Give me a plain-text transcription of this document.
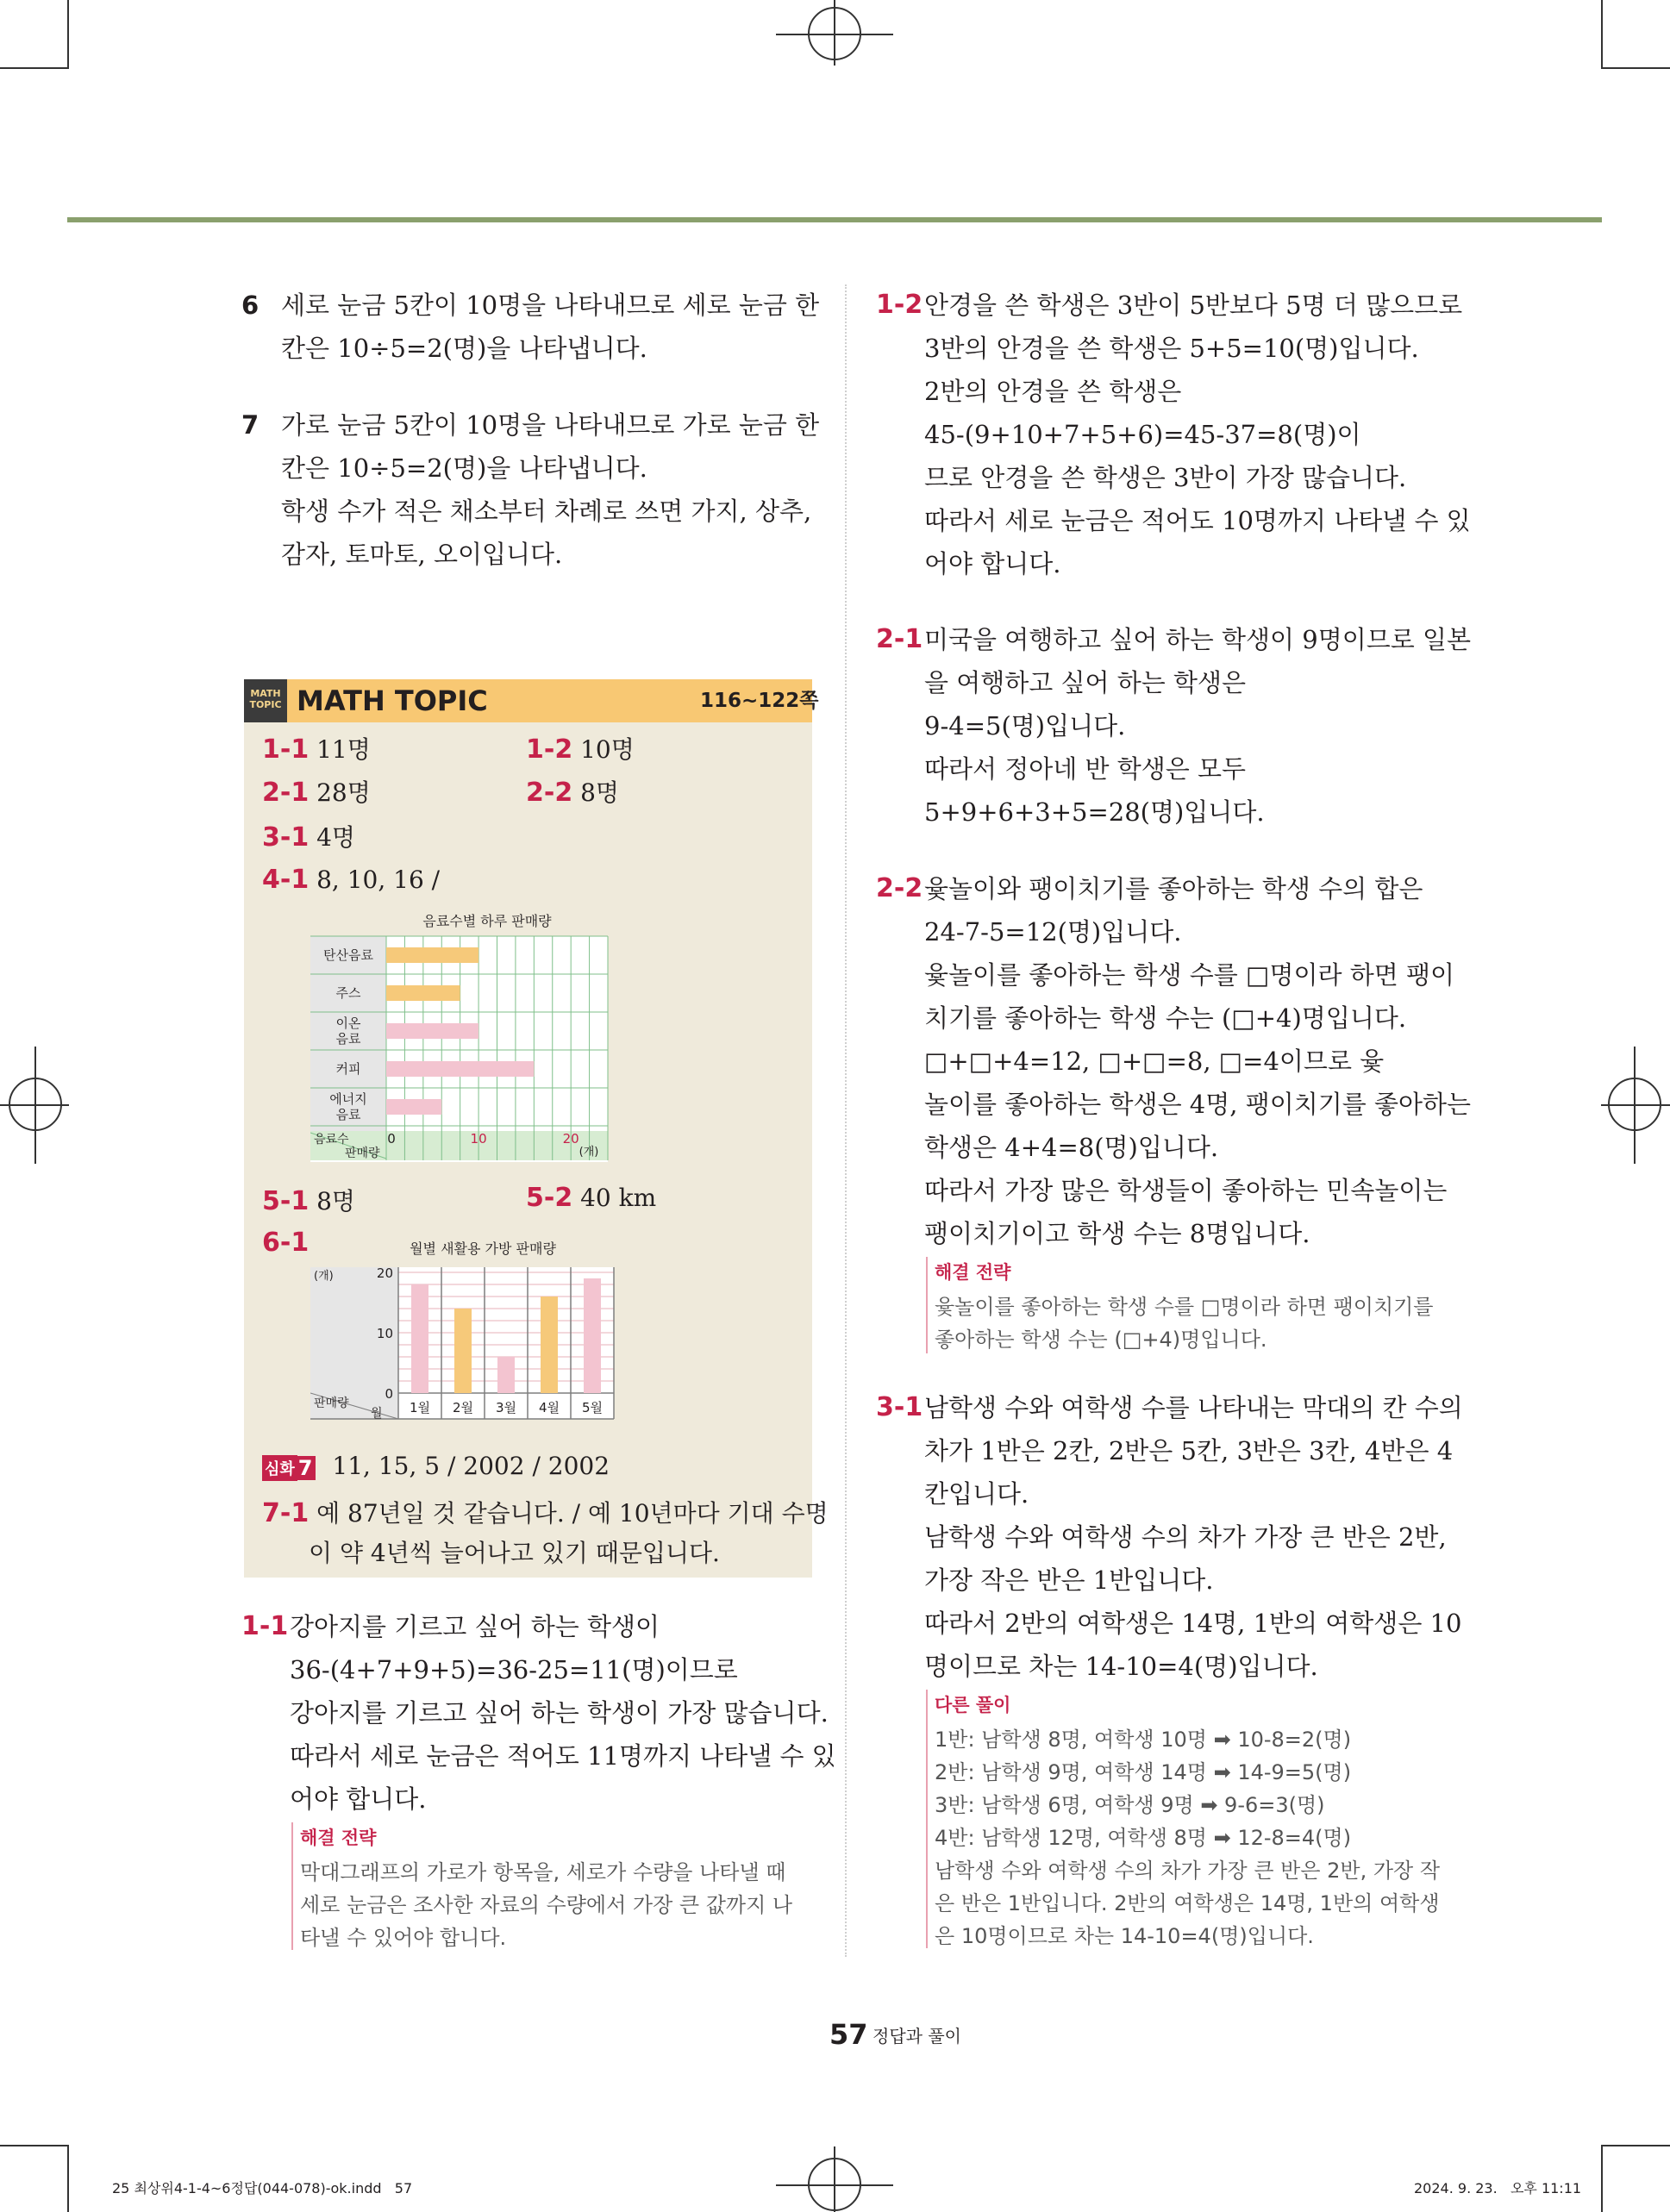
6 세로 눈금 5칸이 10명을 나타내므로 세로 눈금 한
칸은 10÷5=2(명)을 나타냅니다.
7 가로 눈금 5칸이 10명을 나타내므로 가로 눈금 한
칸은 10÷5=2(명)을 나타냅니다.
학생 수가 적은 채소부터 차례로 쓰면 가지, 상추,
감자, 토마토, 오이입니다.
MATH
TOPIC MATH TOPIC	116~122쪽
1-1 11명	1-2 10명
2-1 28명	2-2 8명
3-1 4명
4-1 8, 10, 16 /
음료수별 하루 판매량
탄산음료
주스
이온
음료
커피
에너지
음료
0	10	20
(개)
음료수
판매량
5-1 8명	5-2 40 km
6-1	월별 새활용 가방 판매량
1월 2월 3월 4월 5월
20
10
0
(개)
판매량
월
심화 7 11, 15, 5 / 2002 / 2002
7-1 예 87년일 것 같습니다. / 예 10년마다 기대 수명
이 약 4년씩 늘어나고 있기 때문입니다.
1-1 강아지를 기르고 싶어 하는 학생이
36-(4+7+9+5)=36-25=11(명)이므로
강아지를 기르고 싶어 하는 학생이 가장 많습니다.
따라서 세로 눈금은 적어도 11명까지 나타낼 수 있
어야 합니다.
해결 전략
막대그래프의 가로가 항목을, 세로가 수량을 나타낼 때
세로 눈금은 조사한 자료의 수량에서 가장 큰 값까지 나
타낼 수 있어야 합니다.
1-2 안경을 쓴 학생은 3반이 5반보다 5명 더 많으므로
3반의 안경을 쓴 학생은 5+5=10(명)입니다.
2반의 안경을 쓴 학생은
45-(9+10+7+5+6)=45-37=8(명)이
므로 안경을 쓴 학생은 3반이 가장 많습니다.
따라서 세로 눈금은 적어도 10명까지 나타낼 수 있
어야 합니다.
2-1 미국을 여행하고 싶어 하는 학생이 9명이므로 일본
을 여행하고 싶어 하는 학생은
9-4=5(명)입니다.
따라서 정아네 반 학생은 모두
5+9+6+3+5=28(명)입니다.
2-2 윷놀이와 팽이치기를 좋아하는 학생 수의 합은
24-7-5=12(명)입니다.
윷놀이를 좋아하는 학생 수를 □명이라 하면 팽이
치기를 좋아하는 학생 수는 (□+4)명입니다.
□+□+4=12, □+□=8, □=4이므로 윷
놀이를 좋아하는 학생은 4명, 팽이치기를 좋아하는
학생은 4+4=8(명)입니다.
따라서 가장 많은 학생들이 좋아하는 민속놀이는
팽이치기이고 학생 수는 8명입니다.
해결 전략
윷놀이를 좋아하는 학생 수를 □명이라 하면 팽이치기를
좋아하는 학생 수는 (□+4)명입니다.
3-1 남학생 수와 여학생 수를 나타내는 막대의 칸 수의
차가 1반은 2칸, 2반은 5칸, 3반은 3칸, 4반은 4
칸입니다.
남학생 수와 여학생 수의 차가 가장 큰 반은 2반,
가장 작은 반은 1반입니다.
따라서 2반의 여학생은 14명, 1반의 여학생은 10
명이므로 차는 14-10=4(명)입니다.
다른 풀이
1반: 남학생 8명, 여학생 10명 ➡ 10-8=2(명)
2반: 남학생 9명, 여학생 14명 ➡ 14-9=5(명)
3반: 남학생 6명, 여학생 9명 ➡ 9-6=3(명)
4반: 남학생 12명, 여학생 8명 ➡ 12-8=4(명)
남학생 수와 여학생 수의 차가 가장 큰 반은 2반, 가장 작
은 반은 1반입니다. 2반의 여학생은 14명, 1반의 여학생
은 10명이므로 차는 14-10=4(명)입니다.
57 정답과 풀이
25 최상위4-1-4~6정답(044-078)-ok.indd   57	2024. 9. 23.   오후 11:11
